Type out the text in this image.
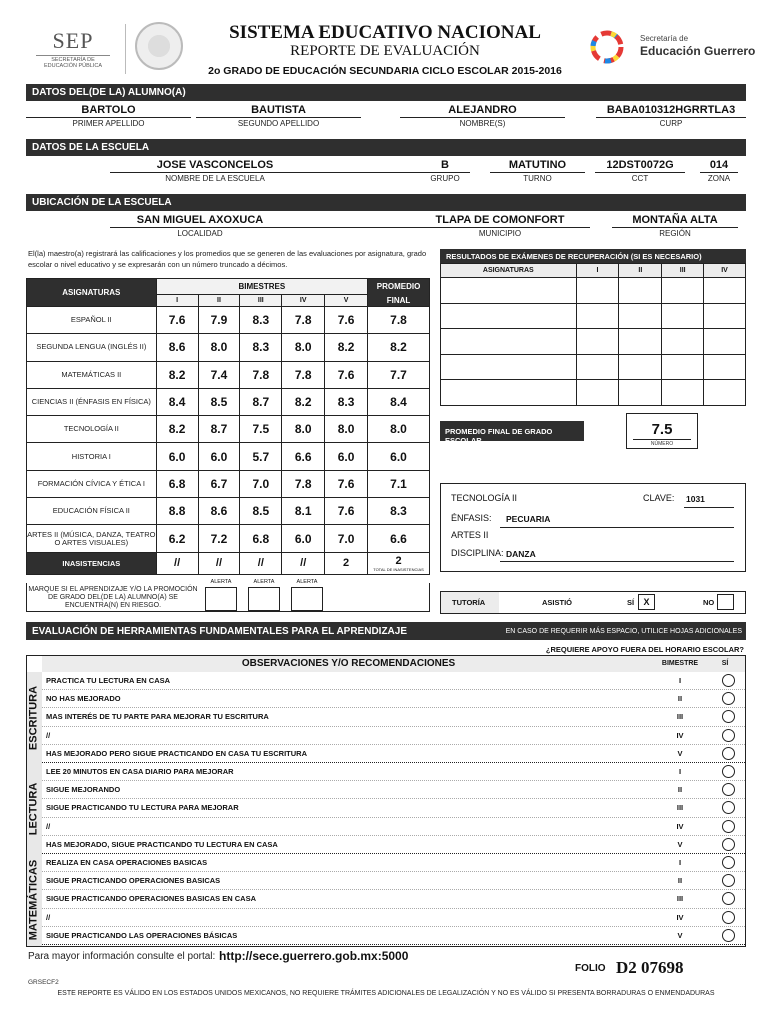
SEP
SECRETARÍA DE
EDUCACIÓN PÚBLICA
SISTEMA EDUCATIVO NACIONAL
REPORTE DE EVALUACIÓN
2o GRADO DE EDUCACIÓN SECUNDARIA CICLO ESCOLAR 2015-2016
Secretaría de
Educación Guerrero
DATOS DEL(DE LA) ALUMNO(A)
BARTOLO	BAUTISTA	ALEJANDRO	BABA010312HGRRTLA3
PRIMER APELLIDO	SEGUNDO APELLIDO	NOMBRE(S)	CURP
DATOS DE LA ESCUELA
JOSE VASCONCELOS	B	MATUTINO	12DST0072G	014
NOMBRE DE LA ESCUELA	GRUPO	TURNO	CCT	ZONA
UBICACIÓN DE LA ESCUELA
SAN MIGUEL AXOXUCA	TLAPA DE COMONFORT	MONTAÑA ALTA
LOCALIDAD	MUNICIPIO	REGIÓN
El(la) maestro(a) registrará las calificaciones y los promedios que se generen de las evaluaciones por asignatura, grado escolar o nivel educativo y se expresarán con un número truncado a décimos.
ASIGNATURAS	BIMESTRES					PROMEDIO
	I	II	III	IV	V	FINAL
ESPAÑOL II	7.6	7.9	8.3	7.8	7.6	7.8
SEGUNDA LENGUA (INGLÉS II)	8.6	8.0	8.3	8.0	8.2	8.2
MATEMÁTICAS II	8.2	7.4	7.8	7.8	7.6	7.7
CIENCIAS II (ÉNFASIS EN FÍSICA)	8.4	8.5	8.7	8.2	8.3	8.4
TECNOLOGÍA II	8.2	8.7	7.5	8.0	8.0	8.0
HISTORIA I	6.0	6.0	5.7	6.6	6.0	6.0
FORMACIÓN CÍVICA Y ÉTICA I	6.8	6.7	7.0	7.8	7.6	7.1
EDUCACIÓN FÍSICA II	8.8	8.6	8.5	8.1	7.6	8.3
ARTES II (MÚSICA, DANZA, TEATRO O ARTES VISUALES)	6.2	7.2	6.8	6.0	7.0	6.6
INASISTENCIAS	//	//	//	//	2	2
TOTAL DE INASISTENCIAS
MARQUE SI EL APRENDIZAJE Y/O LA PROMOCIÓN DE GRADO DEL(DE LA) ALUMNO(A) SE ENCUENTRA(N) EN RIESGO.
ALERTA	ALERTA	ALERTA
RESULTADOS DE EXÁMENES DE RECUPERACIÓN (SI ES NECESARIO)
ASIGNATURAS	I	II	III	IV

PROMEDIO FINAL DE GRADO ESCOLAR
7.5
NÚMERO
TECNOLOGÍA II	CLAVE: 1031
ÉNFASIS: PECUARIA
ARTES II
DISCIPLINA: DANZA
TUTORÍA	ASISTIÓ	SÍ	X	NO
EVALUACIÓN DE HERRAMIENTAS FUNDAMENTALES PARA EL APRENDIZAJE	EN CASO DE REQUERIR MÁS ESPACIO, UTILICE HOJAS ADICIONALES
¿REQUIERE APOYO FUERA DEL HORARIO ESCOLAR?
OBSERVACIONES Y/O RECOMENDACIONES	BIMESTRE	SÍ
ESCRITURA
PRACTICA TU LECTURA EN CASA	I
NO HAS MEJORADO	II
MAS INTERÉS DE TU PARTE PARA MEJORAR TU ESCRITURA	III
//	IV
HAS MEJORADO PERO SIGUE PRACTICANDO EN CASA TU ESCRITURA	V
LECTURA
LEE 20 MINUTOS EN CASA DIARIO PARA MEJORAR	I
SIGUE MEJORANDO	II
SIGUE PRACTICANDO TU LECTURA PARA MEJORAR	III
//	IV
HAS MEJORADO, SIGUE PRACTICANDO TU LECTURA EN CASA	V
MATEMÁTICAS REALIZA EN CASA OPERACIONES BASICAS	I
SIGUE PRACTICANDO OPERACIONES BASICAS	II
SIGUE PRACTICANDO OPERACIONES BASICAS EN CASA	III
//	IV
SIGUE PRACTICANDO LAS OPERACIONES BÁSICAS	V
Para mayor información consulte el portal: http://sece.guerrero.gob.mx:5000
FOLIO D2 07698
GRSECF2
ESTE REPORTE ES VÁLIDO EN LOS ESTADOS UNIDOS MEXICANOS, NO REQUIERE TRÁMITES ADICIONALES DE LEGALIZACIÓN Y NO ES VÁLIDO SI PRESENTA BORRADURAS O ENMENDADURAS
